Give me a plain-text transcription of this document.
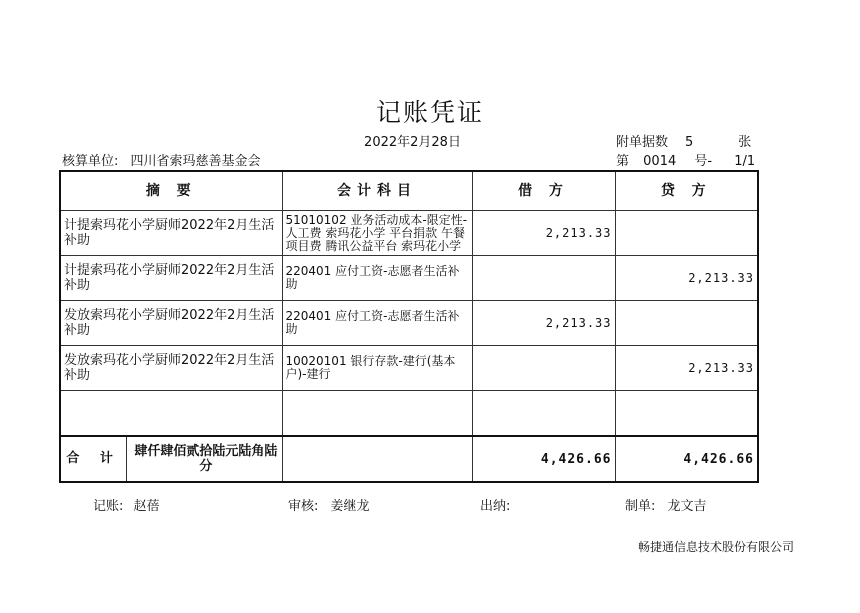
记账凭证
2022年2月28日	附单据数 5	张
核算单位: 四川省索玛慈善基金会	第 0014 号- 1/1
摘 要	会计科目	借 方	贷 方
计提索玛花小学厨师2022年2月生活补助	51010102 业务活动成本-限定性-人工费 索玛花小学 平台捐款 午餐项目费 腾讯公益平台 索玛花小学	2,213.33	
计提索玛花小学厨师2022年2月生活补助	220401 应付工资-志愿者生活补助		2,213.33
发放索玛花小学厨师2022年2月生活补助	220401 应付工资-志愿者生活补助	2,213.33	
发放索玛花小学厨师2022年2月生活补助	10020101 银行存款-建行(基本户)-建行		2,213.33

合 计 肆仟肆佰贰拾陆元陆角陆分		4,426.66	4,426.66
记账: 赵蓓	审核: 姜继龙	出纳:	制单: 龙文吉
畅捷通信息技术股份有限公司
